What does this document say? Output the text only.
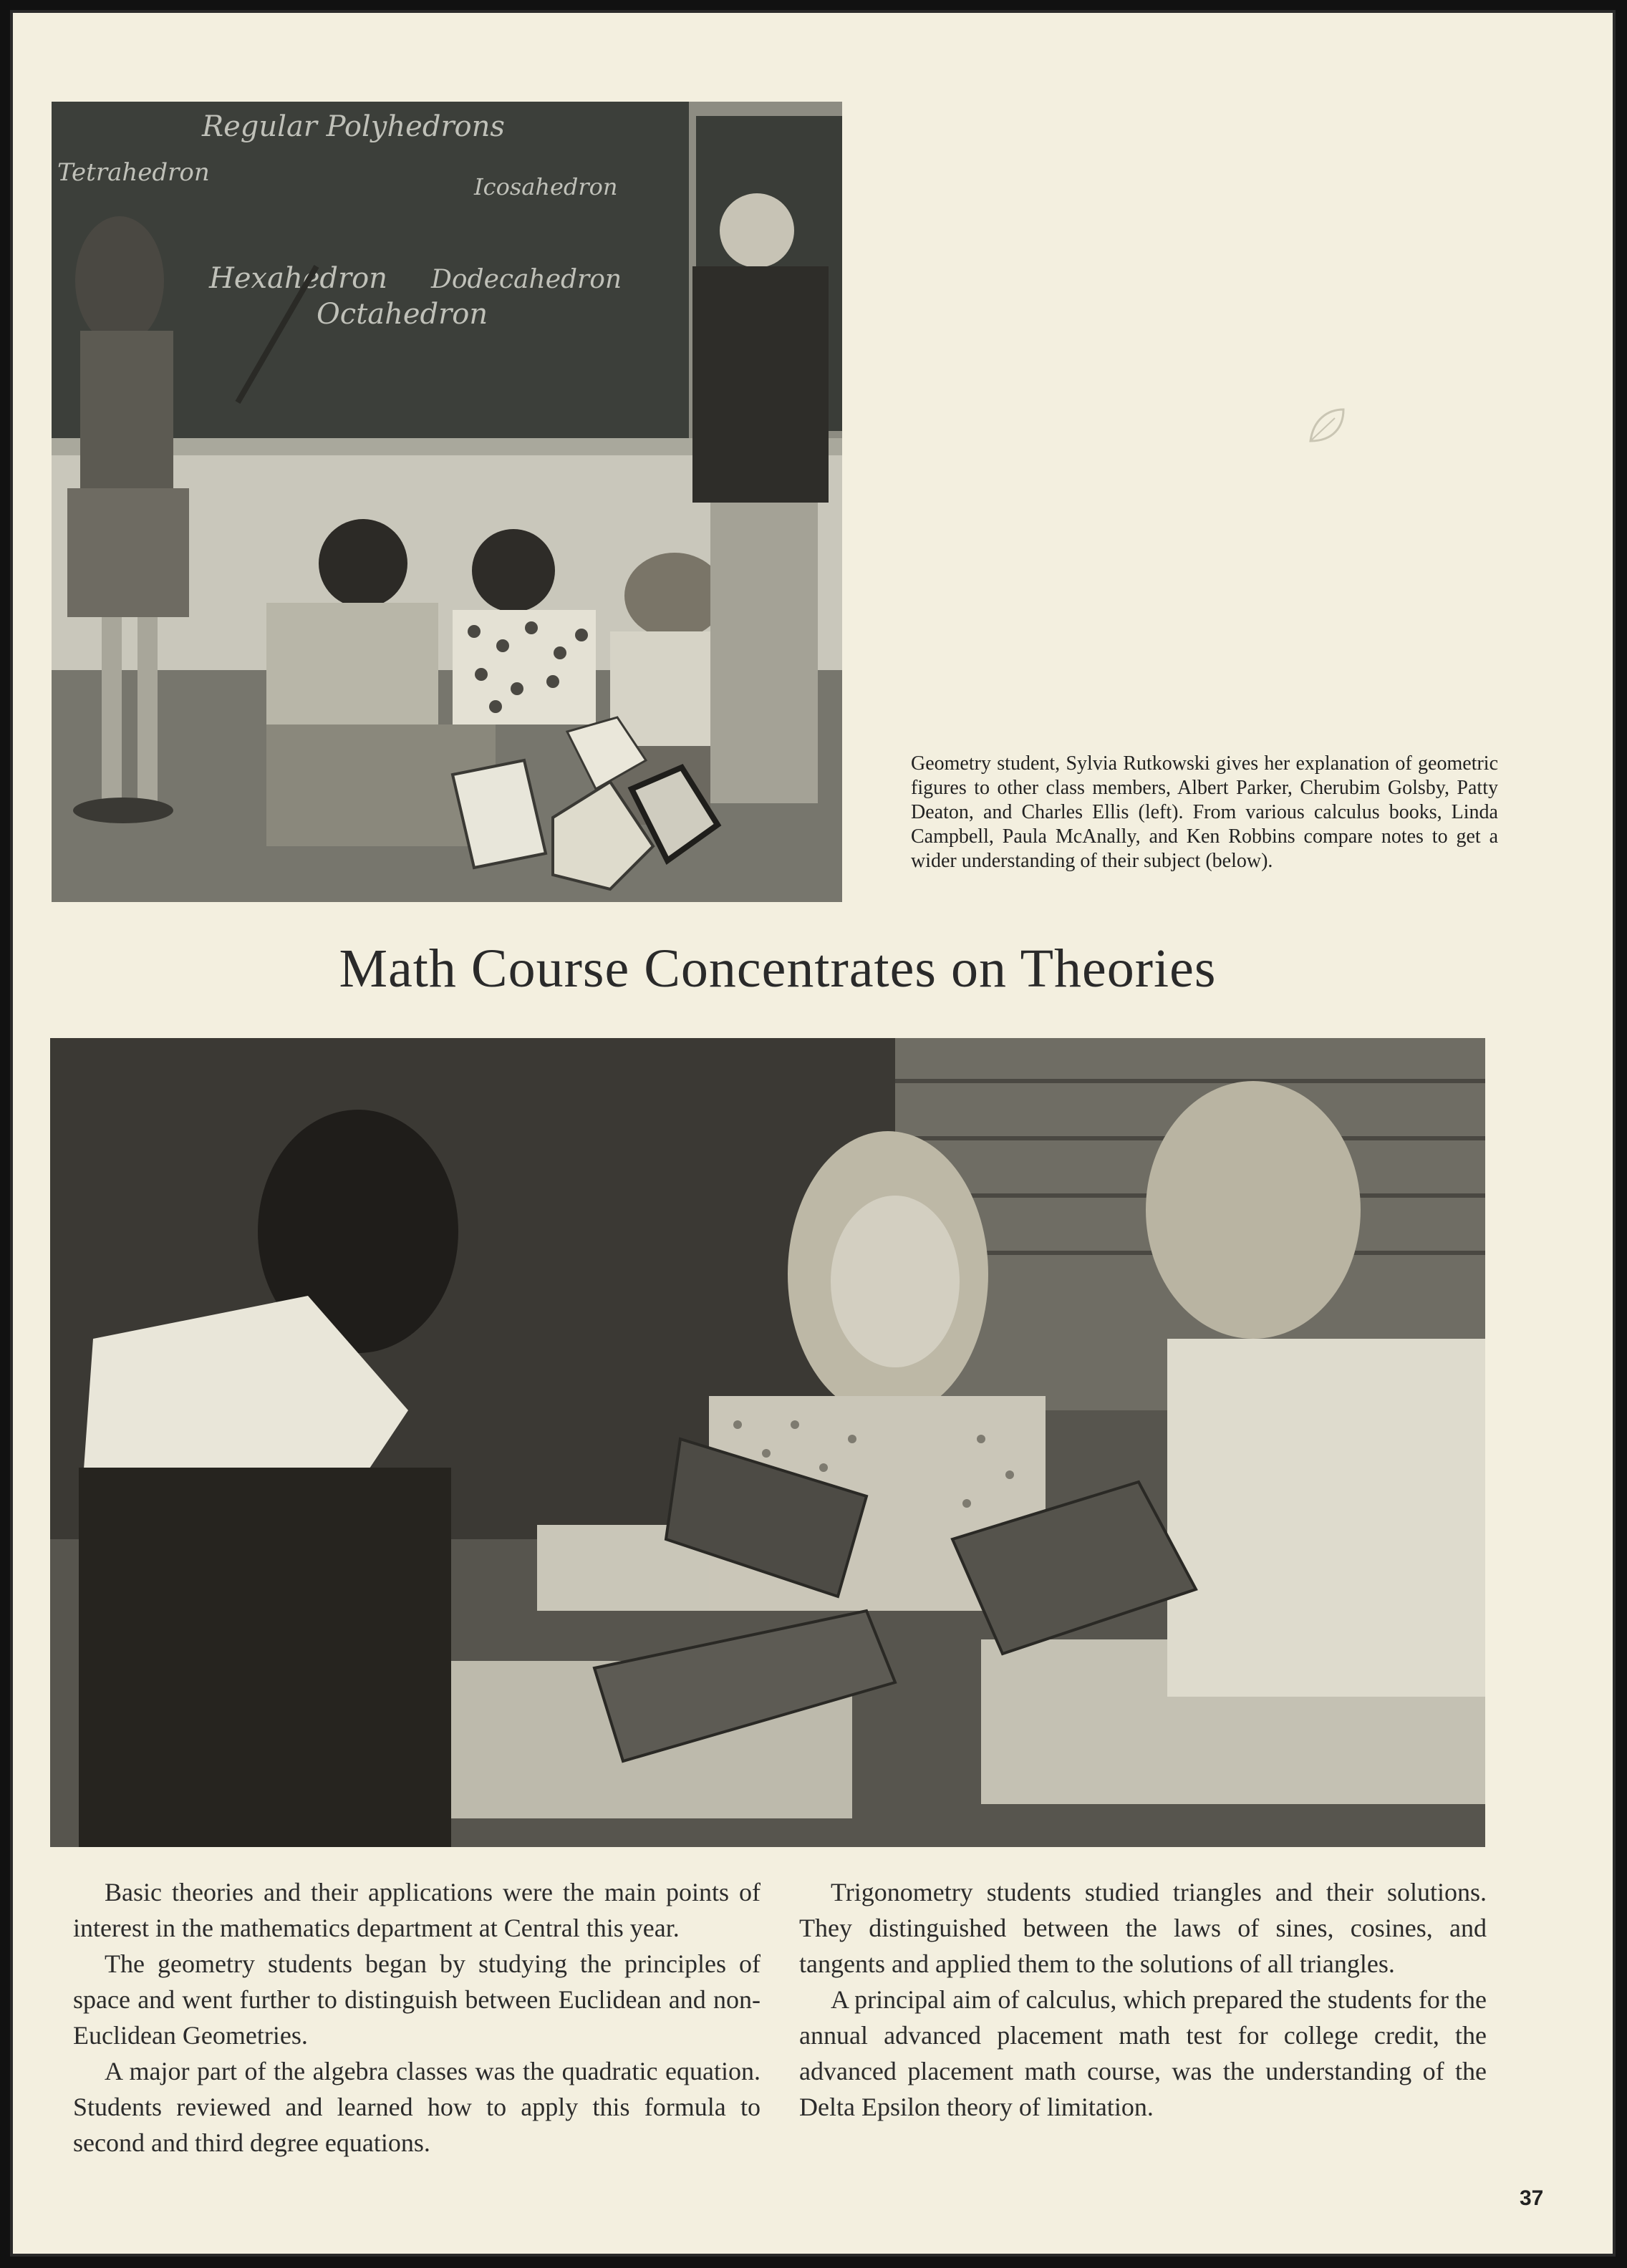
Regular Polyhedrons
Tetrahedron	Icosahedron
Hexahedron Dodecahedron
Octahedron
Geometry student, Sylvia Rutkowski gives her explanation of geometric figures to other class members, Albert Parker, Cherubim Golsby, Patty Deaton, and Charles Ellis (left). From various calculus books, Linda Campbell, Paula McAnally, and Ken Robbins compare notes to get a wider understanding of their subject (below).
Math Course Concentrates on Theories

Basic theories and their applications were the main points of interest in the mathematics department at Central this year.

The geometry students began by studying the principles of space and went further to distinguish between Euclidean and non-Euclidean Geometries.

A major part of the algebra classes was the quadratic equation. Students reviewed and learned how to apply this formula to second and third degree equations.

Trigonometry students studied triangles and their solutions. They distinguished between the laws of sines, cosines, and tangents and applied them to the solutions of all triangles.

A principal aim of calculus, which prepared the students for the annual advanced placement math test for college credit, the advanced placement math course, was the understanding of the Delta Epsilon theory of limitation.

37
